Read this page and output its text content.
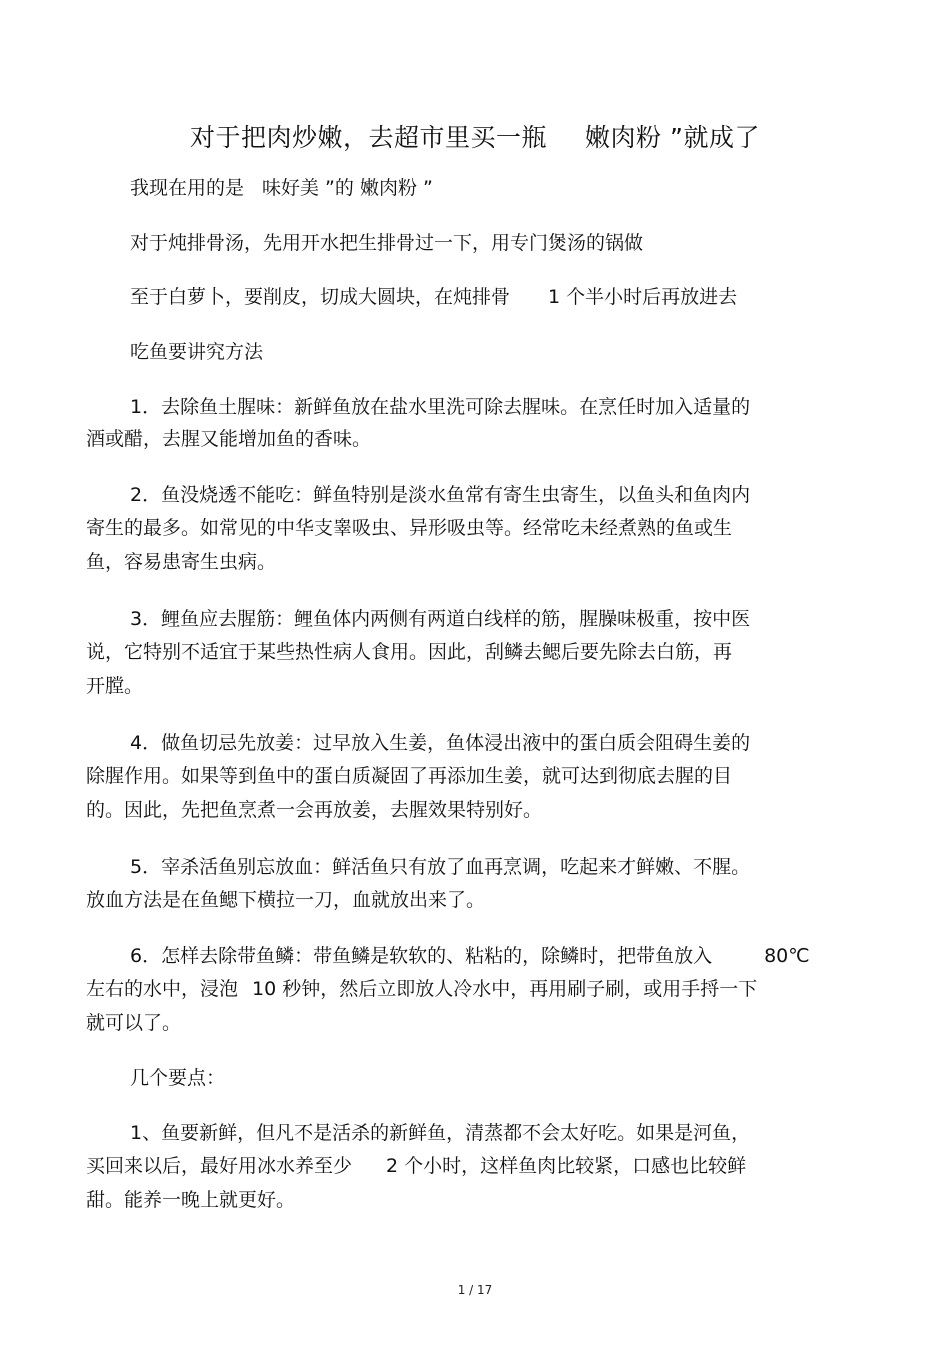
对于把肉炒嫩，去超市里买一瓶 嫩肉粉 ”就成了
我现在用的是 味好美 ”的 嫩肉粉 ”
对于炖排骨汤，先用开水把生排骨过一下，用专门煲汤的锅做
至于白萝卜，要削皮，切成大圆块，在炖排骨 1 个半小时后再放进去
吃鱼要讲究方法
1．去除鱼土腥味：新鲜鱼放在盐水里洗可除去腥味。在烹任时加入适量的
酒或醋，去腥又能增加鱼的香味。
2．鱼没烧透不能吃：鲜鱼特别是淡水鱼常有寄生虫寄生，以鱼头和鱼肉内
寄生的最多。如常见的中华支睾吸虫、异形吸虫等。经常吃未经煮熟的鱼或生
鱼，容易患寄生虫病。
3．鲤鱼应去腥筋：鲤鱼体内两侧有两道白线样的筋，腥臊味极重，按中医
说，它特别不适宜于某些热性病人食用。因此，刮鳞去鳃后要先除去白筋，再
开膛。
4．做鱼切忌先放姜：过早放入生姜，鱼体浸出液中的蛋白质会阻碍生姜的
除腥作用。如果等到鱼中的蛋白质凝固了再添加生姜，就可达到彻底去腥的目
的。因此，先把鱼烹煮一会再放姜，去腥效果特别好。
5．宰杀活鱼别忘放血：鲜活鱼只有放了血再烹调，吃起来才鲜嫩、不腥。
放血方法是在鱼鳃下横拉一刀，血就放出来了。
6．怎样去除带鱼鳞：带鱼鳞是软软的、粘粘的，除鳞时，把带鱼放入	80℃
左右的水中，浸泡 10 秒钟，然后立即放人冷水中，再用刷子刷，或用手捋一下
就可以了。
几个要点：
1、鱼要新鲜，但凡不是活杀的新鲜鱼，清蒸都不会太好吃。如果是河鱼，
买回来以后，最好用冰水养至少 2 个小时，这样鱼肉比较紧，口感也比较鲜
甜。能养一晚上就更好。
1 / 17
